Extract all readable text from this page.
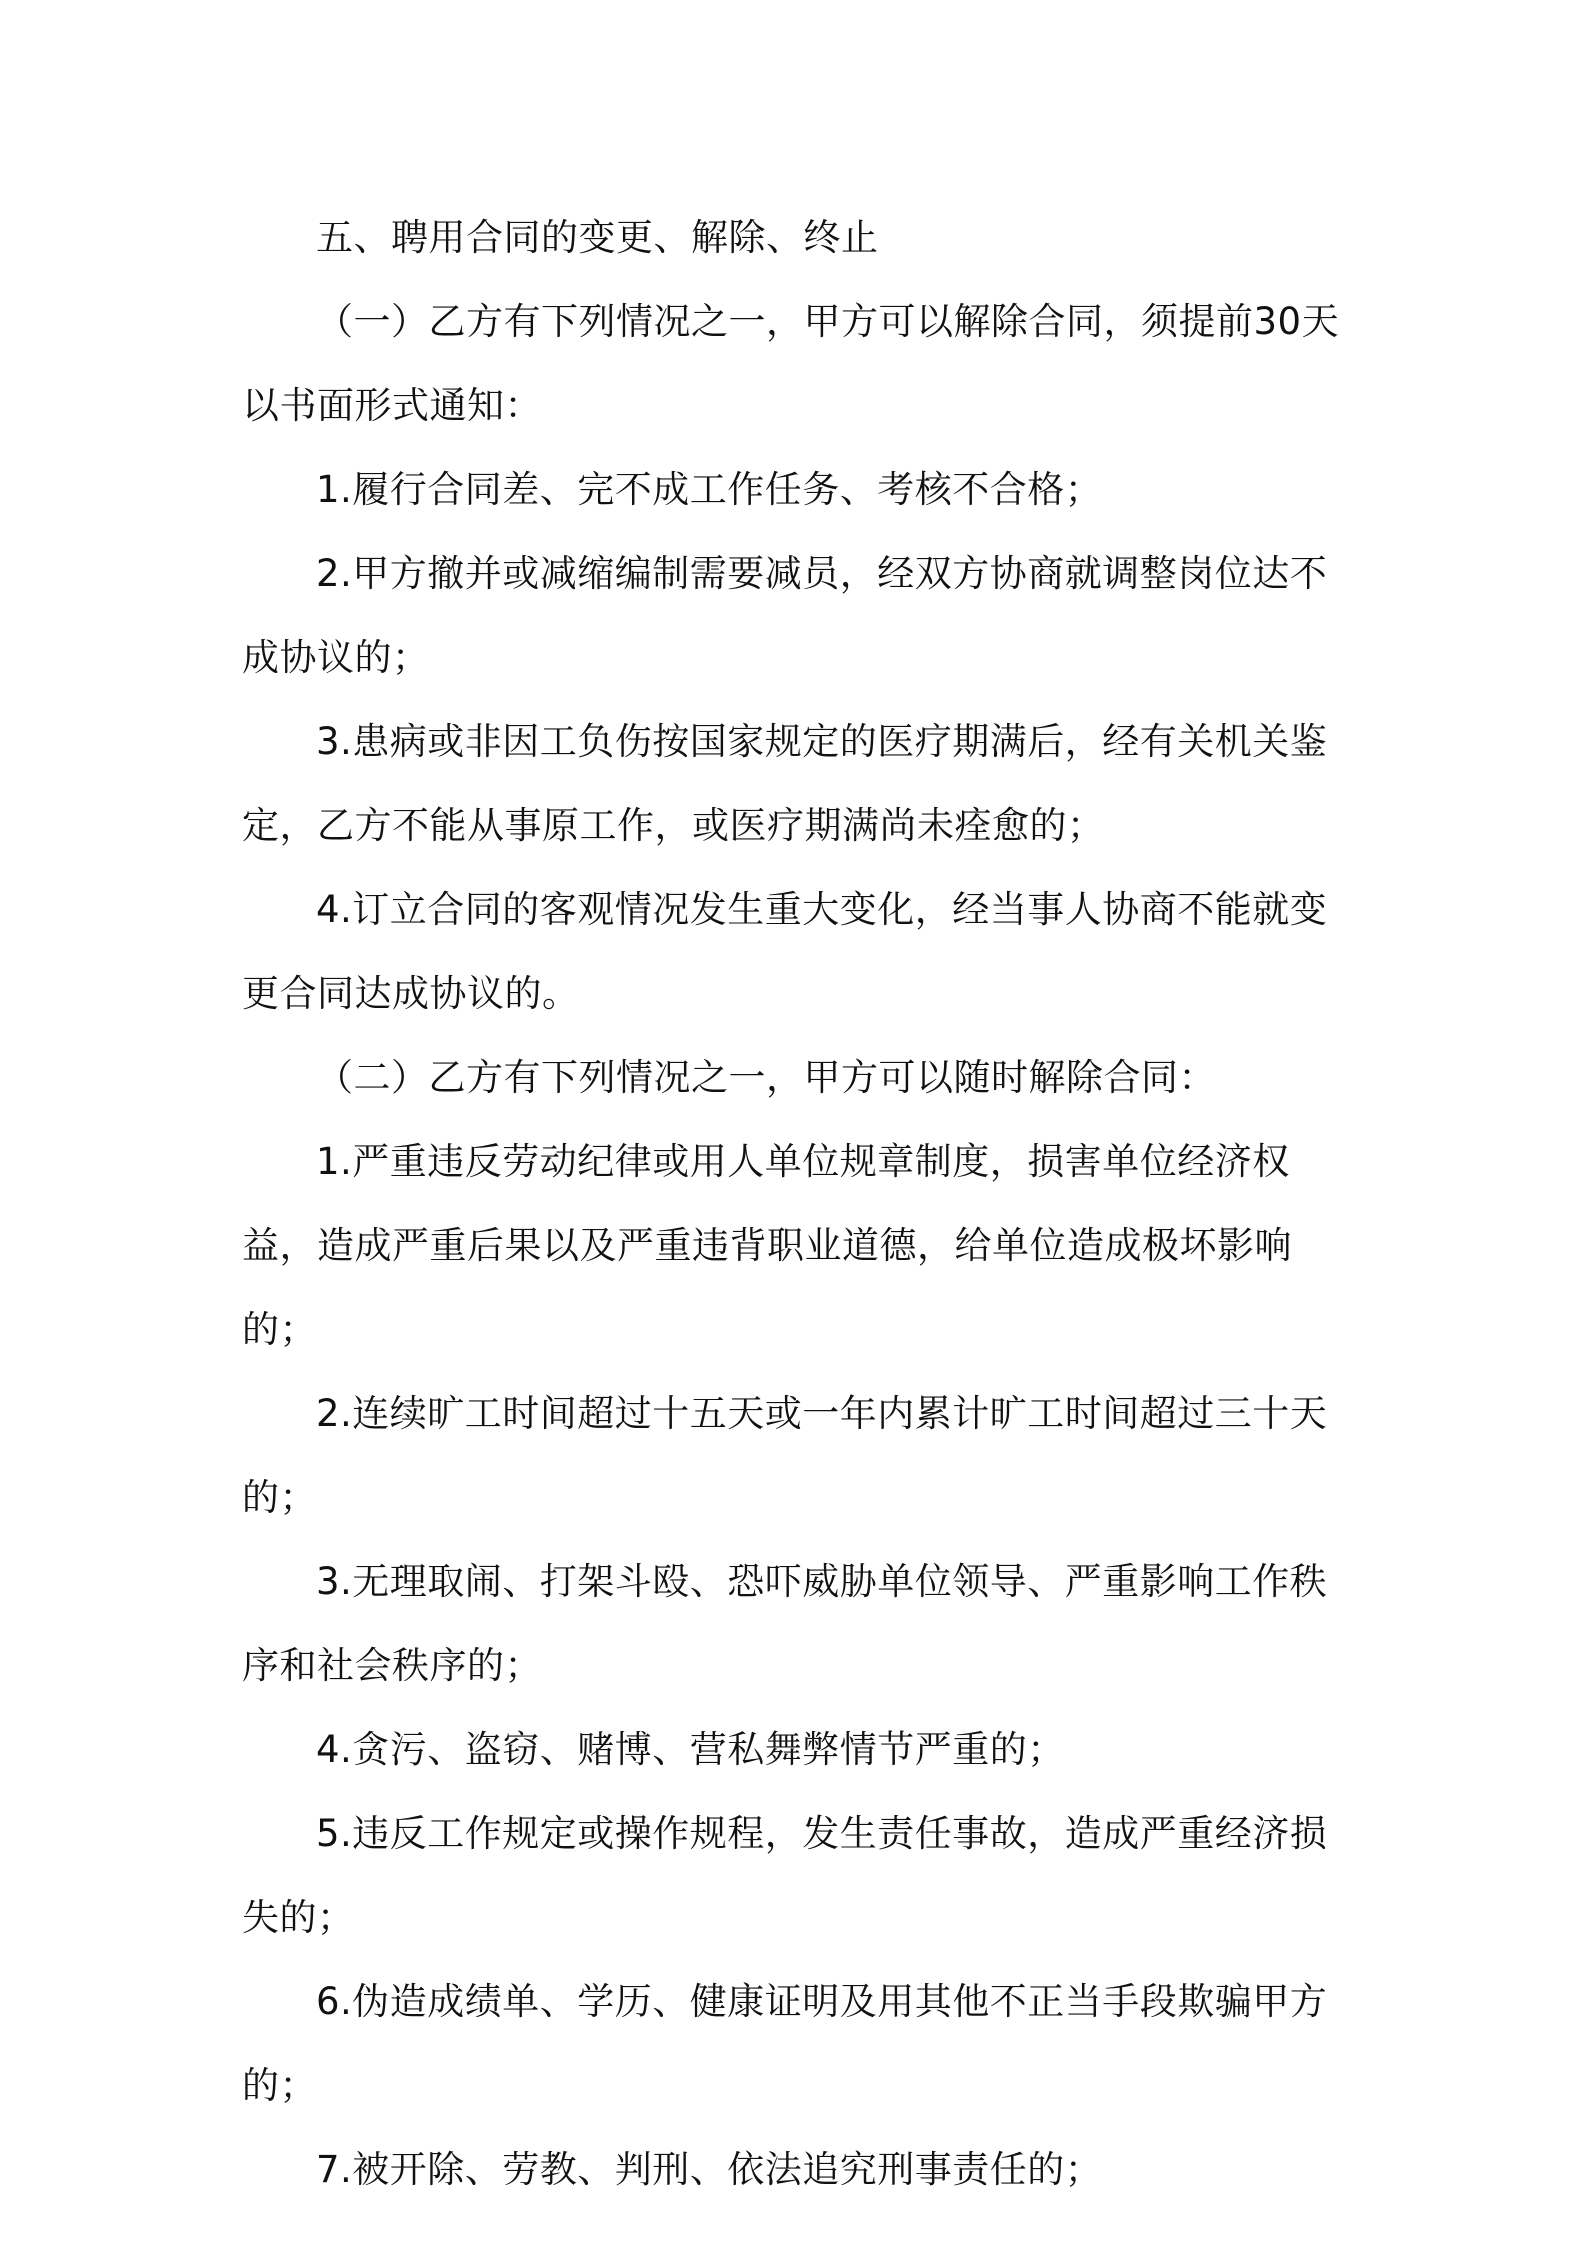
五、聘用合同的变更、解除、终止

（一）乙方有下列情况之一，甲方可以解除合同，须提前30天以书面形式通知：

1.履行合同差、完不成工作任务、考核不合格；

2.甲方撤并或减缩编制需要减员，经双方协商就调整岗位达不成协议的；

3.患病或非因工负伤按国家规定的医疗期满后，经有关机关鉴定，乙方不能从事原工作，或医疗期满尚未痊愈的；

4.订立合同的客观情况发生重大变化，经当事人协商不能就变更合同达成协议的。

（二）乙方有下列情况之一，甲方可以随时解除合同：

1.严重违反劳动纪律或用人单位规章制度，损害单位经济权益，造成严重后果以及严重违背职业道德，给单位造成极坏影响的；

2.连续旷工时间超过十五天或一年内累计旷工时间超过三十天的；

3.无理取闹、打架斗殴、恐吓威胁单位领导、严重影响工作秩序和社会秩序的；

4.贪污、盗窃、赌博、营私舞弊情节严重的；

5.违反工作规定或操作规程，发生责任事故，造成严重经济损失的；

6.伪造成绩单、学历、健康证明及用其他不正当手段欺骗甲方的；

7.被开除、劳教、判刑、依法追究刑事责任的；
